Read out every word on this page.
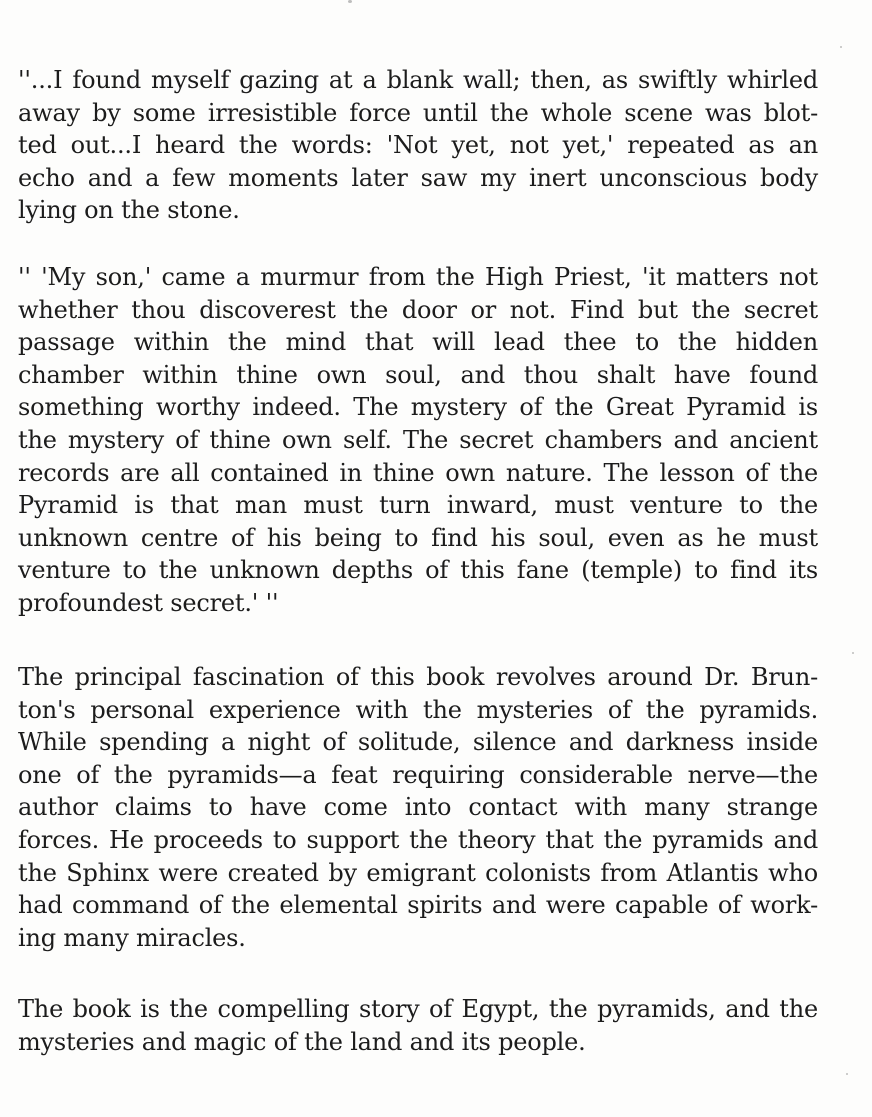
''...I found myself gazing at a blank wall; then, as swiftly whirled
away by some irresistible force until the whole scene was blot-
ted out...I heard the words: 'Not yet, not yet,' repeated as an
echo and a few moments later saw my inert unconscious body
lying on the stone.
'' 'My son,' came a murmur from the High Priest, 'it matters not
whether thou discoverest the door or not. Find but the secret
passage within the mind that will lead thee to the hidden
chamber within thine own soul, and thou shalt have found
something worthy indeed. The mystery of the Great Pyramid is
the mystery of thine own self. The secret chambers and ancient
records are all contained in thine own nature. The lesson of the
Pyramid is that man must turn inward, must venture to the
unknown centre of his being to find his soul, even as he must
venture to the unknown depths of this fane (temple) to find its
profoundest secret.' ''
The principal fascination of this book revolves around Dr. Brun-
ton's personal experience with the mysteries of the pyramids.
While spending a night of solitude, silence and darkness inside
one of the pyramids—a feat requiring considerable nerve—the
author claims to have come into contact with many strange
forces. He proceeds to support the theory that the pyramids and
the Sphinx were created by emigrant colonists from Atlantis who
had command of the elemental spirits and were capable of work-
ing many miracles.
The book is the compelling story of Egypt, the pyramids, and the
mysteries and magic of the land and its people.
